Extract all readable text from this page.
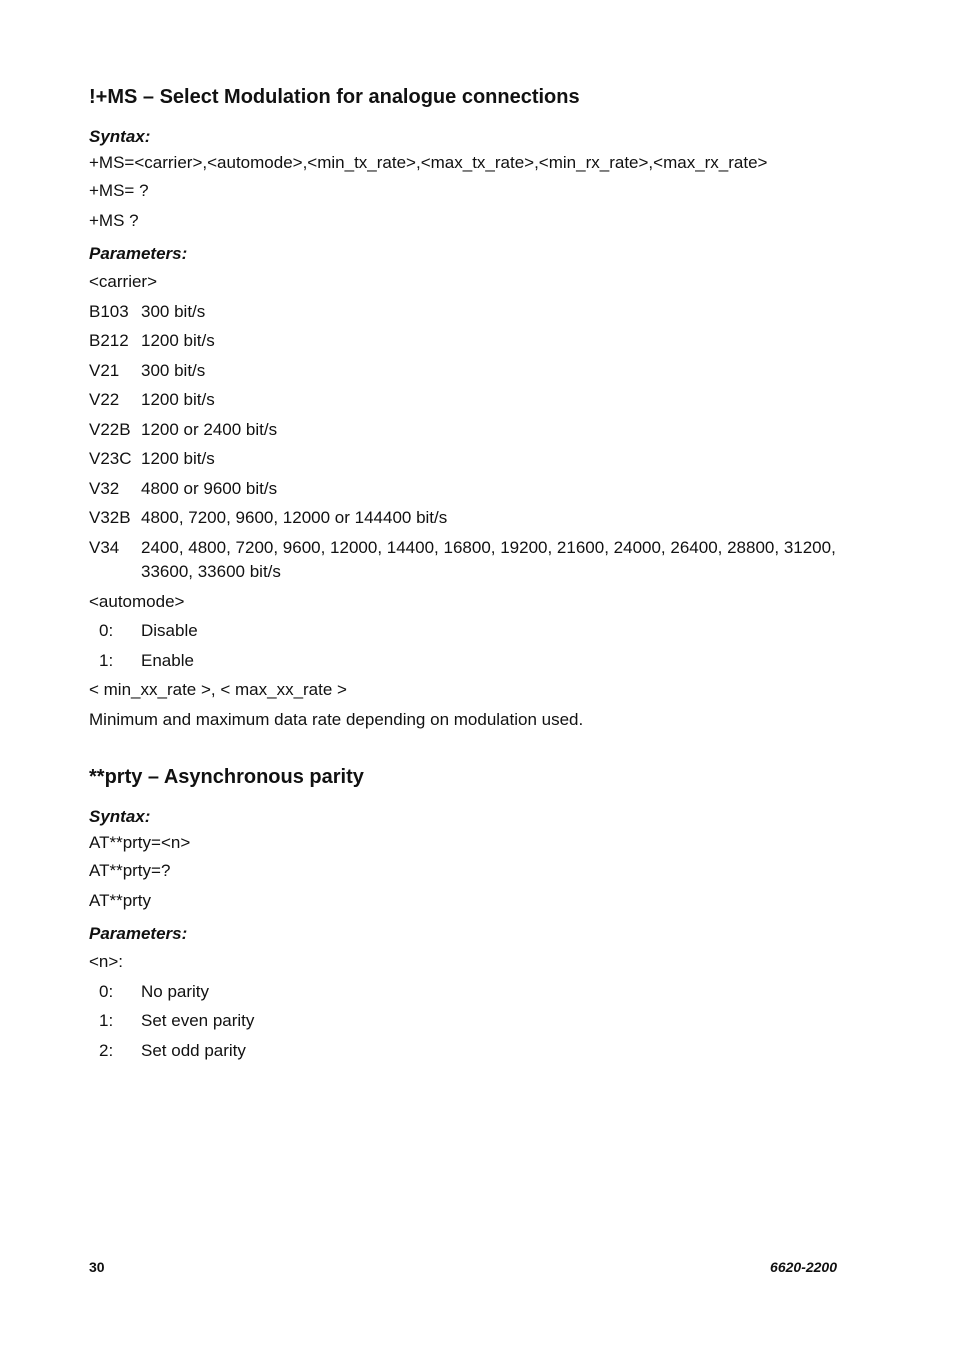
!+MS – Select Modulation for analogue connections

Syntax:

+MS=<carrier>,<automode>,<min_tx_rate>,<max_tx_rate>,<min_rx_rate>,<max_rx_rate>

+MS= ?

+MS ?

Parameters:

<carrier>

B103 300 bit/s
B212 1200 bit/s
V21	300 bit/s
V22	1200 bit/s
V22B 1200 or 2400 bit/s
V23C 1200 bit/s
V32	4800 or 9600 bit/s
V32B 4800, 7200, 9600, 12000 or 144400 bit/s
V34	2400, 4800, 7200, 9600, 12000, 14400, 16800, 19200, 21600, 24000, 26400, 28800, 31200, 33600, 33600 bit/s

<automode>

0:	Disable
1:	Enable

< min_xx_rate >, < max_xx_rate >

Minimum and maximum data rate depending on modulation used.

**prty – Asynchronous parity

Syntax:

AT**prty=<n>

AT**prty=?

AT**prty

Parameters:

<n>:

0:	No parity
1:	Set even parity
2:	Set odd parity
30	6620-2200
